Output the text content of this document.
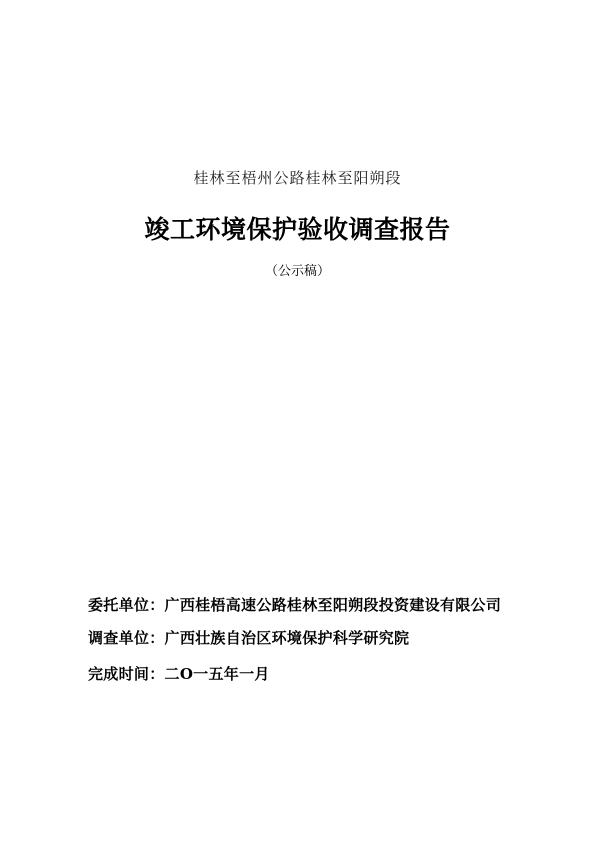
桂林至梧州公路桂林至阳朔段
竣工环境保护验收调查报告
（公示稿）
委托单位：广西桂梧高速公路桂林至阳朔段投资建设有限公司
调查单位：广西壮族自治区环境保护科学研究院
完成时间：二O一五年一月
